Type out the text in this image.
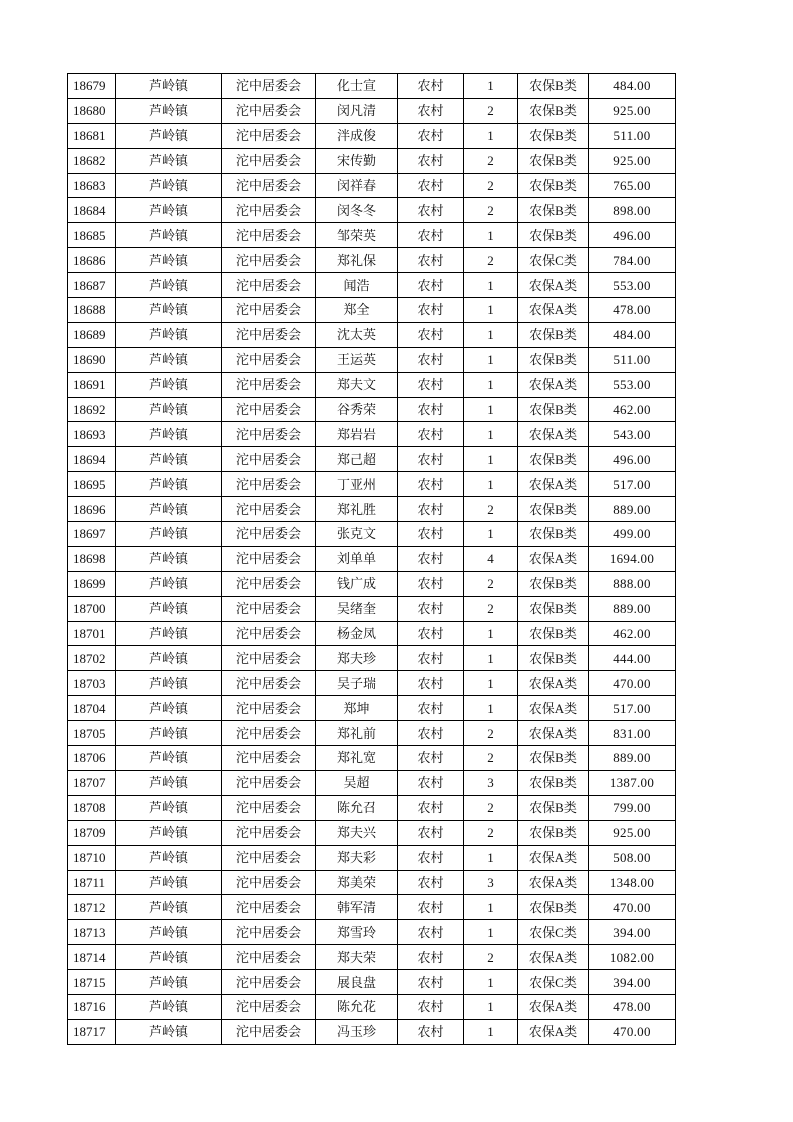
18679	芦岭镇	沱中居委会	化士宣	农村	1	农保B类	484.00
18680	芦岭镇	沱中居委会	闵凡清	农村	2	农保B类	925.00
18681	芦岭镇	沱中居委会	泮成俊	农村	1	农保B类	511.00
18682	芦岭镇	沱中居委会	宋传勤	农村	2	农保B类	925.00
18683	芦岭镇	沱中居委会	闵祥春	农村	2	农保B类	765.00
18684	芦岭镇	沱中居委会	闵冬冬	农村	2	农保B类	898.00
18685	芦岭镇	沱中居委会	邹荣英	农村	1	农保B类	496.00
18686	芦岭镇	沱中居委会	郑礼保	农村	2	农保C类	784.00
18687	芦岭镇	沱中居委会	闻浩	农村	1	农保A类	553.00
18688	芦岭镇	沱中居委会	郑全	农村	1	农保A类	478.00
18689	芦岭镇	沱中居委会	沈太英	农村	1	农保B类	484.00
18690	芦岭镇	沱中居委会	王运英	农村	1	农保B类	511.00
18691	芦岭镇	沱中居委会	郑夫文	农村	1	农保A类	553.00
18692	芦岭镇	沱中居委会	谷秀荣	农村	1	农保B类	462.00
18693	芦岭镇	沱中居委会	郑岩岩	农村	1	农保A类	543.00
18694	芦岭镇	沱中居委会	郑己超	农村	1	农保B类	496.00
18695	芦岭镇	沱中居委会	丁亚州	农村	1	农保A类	517.00
18696	芦岭镇	沱中居委会	郑礼胜	农村	2	农保B类	889.00
18697	芦岭镇	沱中居委会	张克文	农村	1	农保B类	499.00
18698	芦岭镇	沱中居委会	刘单单	农村	4	农保A类	1694.00
18699	芦岭镇	沱中居委会	钱广成	农村	2	农保B类	888.00
18700	芦岭镇	沱中居委会	吴绪奎	农村	2	农保B类	889.00
18701	芦岭镇	沱中居委会	杨金凤	农村	1	农保B类	462.00
18702	芦岭镇	沱中居委会	郑夫珍	农村	1	农保B类	444.00
18703	芦岭镇	沱中居委会	吴子瑞	农村	1	农保A类	470.00
18704	芦岭镇	沱中居委会	郑坤	农村	1	农保A类	517.00
18705	芦岭镇	沱中居委会	郑礼前	农村	2	农保A类	831.00
18706	芦岭镇	沱中居委会	郑礼宽	农村	2	农保B类	889.00
18707	芦岭镇	沱中居委会	吴超	农村	3	农保B类	1387.00
18708	芦岭镇	沱中居委会	陈允召	农村	2	农保B类	799.00
18709	芦岭镇	沱中居委会	郑夫兴	农村	2	农保B类	925.00
18710	芦岭镇	沱中居委会	郑夫彩	农村	1	农保A类	508.00
18711	芦岭镇	沱中居委会	郑美荣	农村	3	农保A类	1348.00
18712	芦岭镇	沱中居委会	韩军清	农村	1	农保B类	470.00
18713	芦岭镇	沱中居委会	郑雪玲	农村	1	农保C类	394.00
18714	芦岭镇	沱中居委会	郑夫荣	农村	2	农保A类	1082.00
18715	芦岭镇	沱中居委会	展良盘	农村	1	农保C类	394.00
18716	芦岭镇	沱中居委会	陈允花	农村	1	农保A类	478.00
18717	芦岭镇	沱中居委会	冯玉珍	农村	1	农保A类	470.00
